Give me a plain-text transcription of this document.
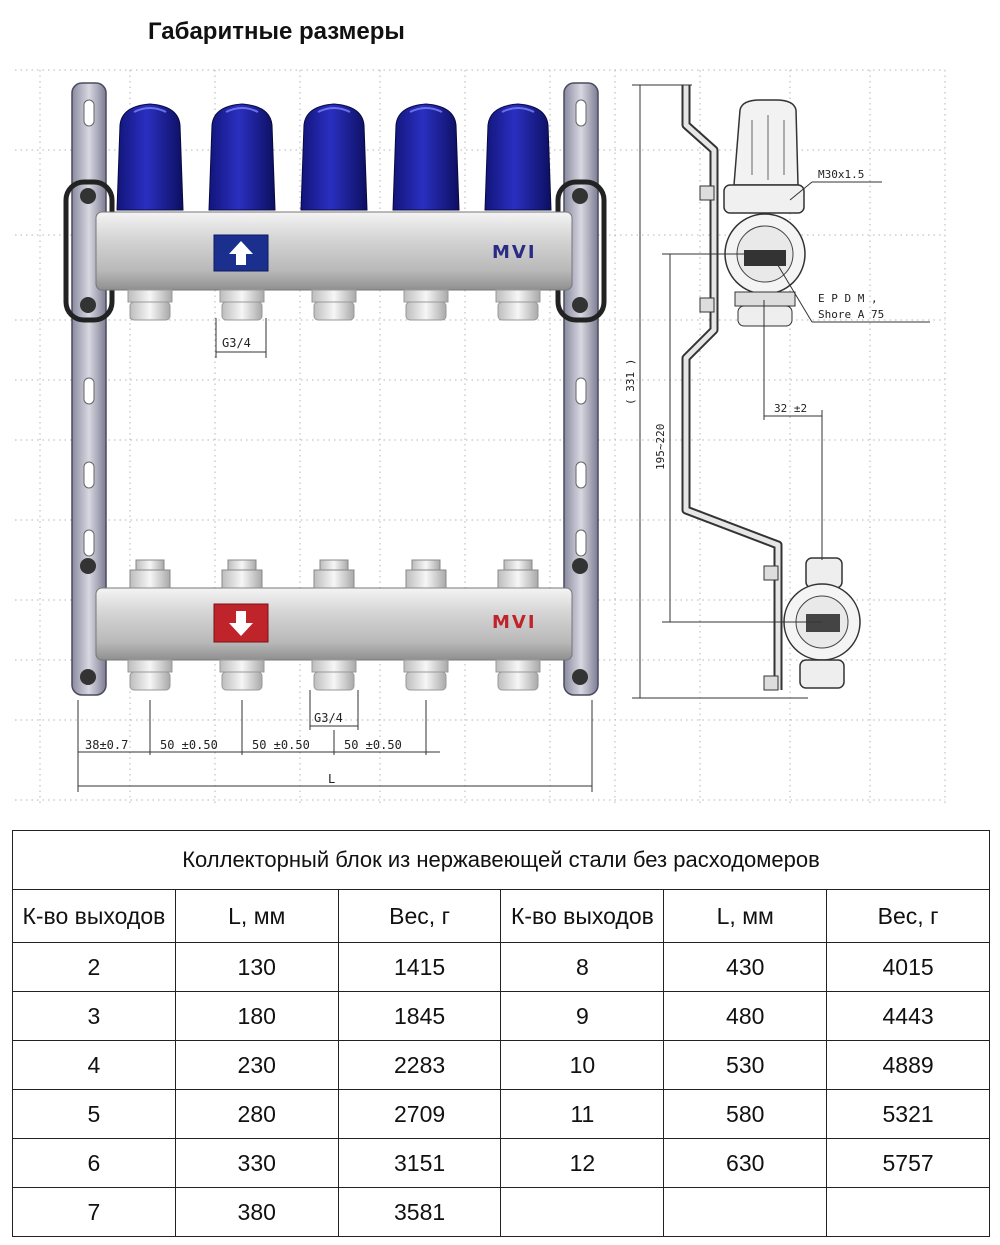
Габаритные размеры
MVI
MVI
G3/4
G3/4
38±0.7	50 ±0.50	50 ±0.50	50 ±0.50
L
M30x1.5
E P D M ,
Shore A 75
32 ±2
195~220
( 331 )
Коллекторный блок из нержавеющей стали без расходомеров					
К-во выходов	L, мм	Вес, г	К-во выходов	L, мм	Вес, г
2	130	1415	8	430	4015
3	180	1845	9	480	4443
4	230	2283	10	530	4889
5	280	2709	11	580	5321
6	330	3151	12	630	5757
7	380	3581			
